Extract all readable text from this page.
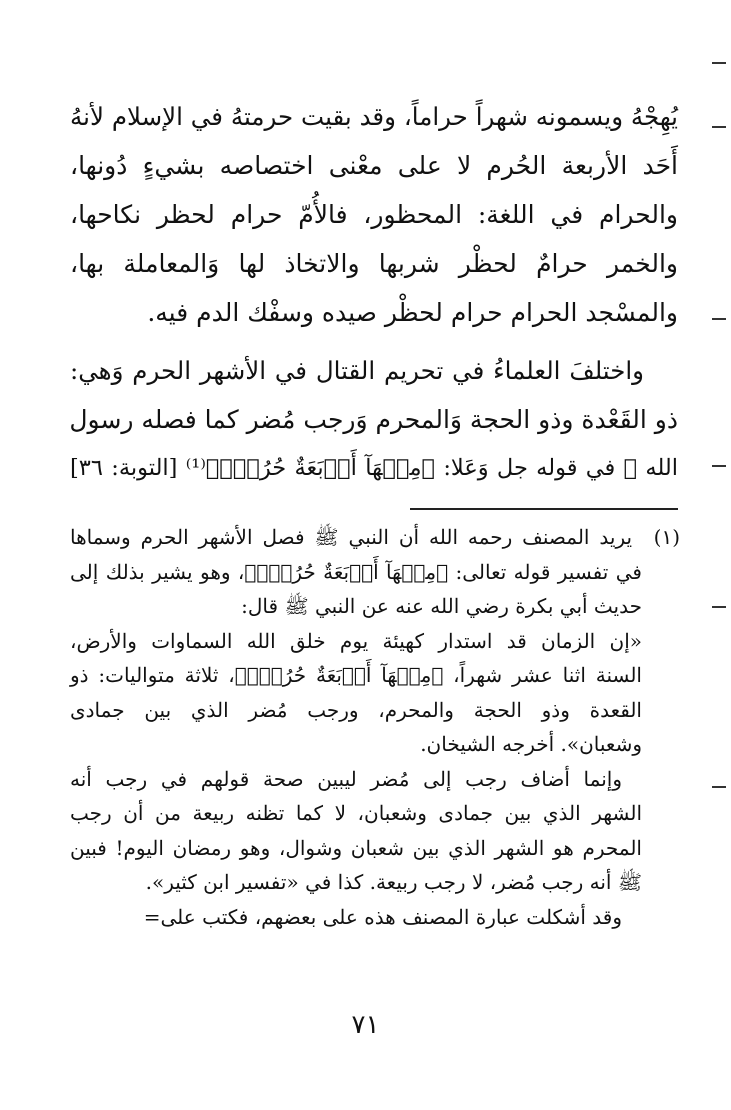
يُهِجْهُ ويسمونه شهراً حراماً، وقد بقيت حرمتهُ في الإسلام لأنهُ
أَحَد الأربعة الحُرم لا على معْنى اختصاصه بشيءٍ دُونها،
والحرام في اللغة: المحظور، فالأُمّ حرام لحظر نكاحها،
والخمر حرامٌ لحظْر شربها والاتخاذ لها وَالمعاملة بها،
والمسْجد الحرام حرام لحظْر صيده وسفْك الدم فيه.
واختلفَ العلماءُ في تحريم القتال في الأشهر الحرم وَهي:
ذو القَعْدة وذو الحجة وَالمحرم وَرجب مُضر كما فصله رسول
الله ﷺ في قوله جل وَعَلا: ﴿مِنۡهَآ أَرۡبَعَةٌ حُرُمٌۚ﴾⁽¹⁾ [التوبة: ٣٦]
(١) يريد المصنف رحمه الله أن النبي ﷺ فصل الأشهر الحرم وسماها
في تفسير قوله تعالى: ﴿مِنۡهَآ أَرۡبَعَةٌ حُرُمٌۚ﴾، وهو يشير بذلك إلى
حديث أبي بكرة رضي الله عنه عن النبي ﷺ قال:
«إن الزمان قد استدار كهيئة يوم خلق الله السماوات والأرض،
السنة اثنا عشر شهراً، ﴿مِنۡهَآ أَرۡبَعَةٌ حُرُمٌۚ﴾، ثلاثة متواليات: ذو
القعدة وذو الحجة والمحرم، ورجب مُضر الذي بين جمادى
وشعبان». أخرجه الشيخان.
وإنما أضاف رجب إلى مُضر ليبين صحة قولهم في رجب أنه
الشهر الذي بين جمادى وشعبان، لا كما تظنه ربيعة من أن رجب
المحرم هو الشهر الذي بين شعبان وشوال، وهو رمضان اليوم! فبين
ﷺ أنه رجب مُضر، لا رجب ربيعة. كذا في «تفسير ابن كثير».
وقد أشكلت عبارة المصنف هذه على بعضهم، فكتب على=
٧١
